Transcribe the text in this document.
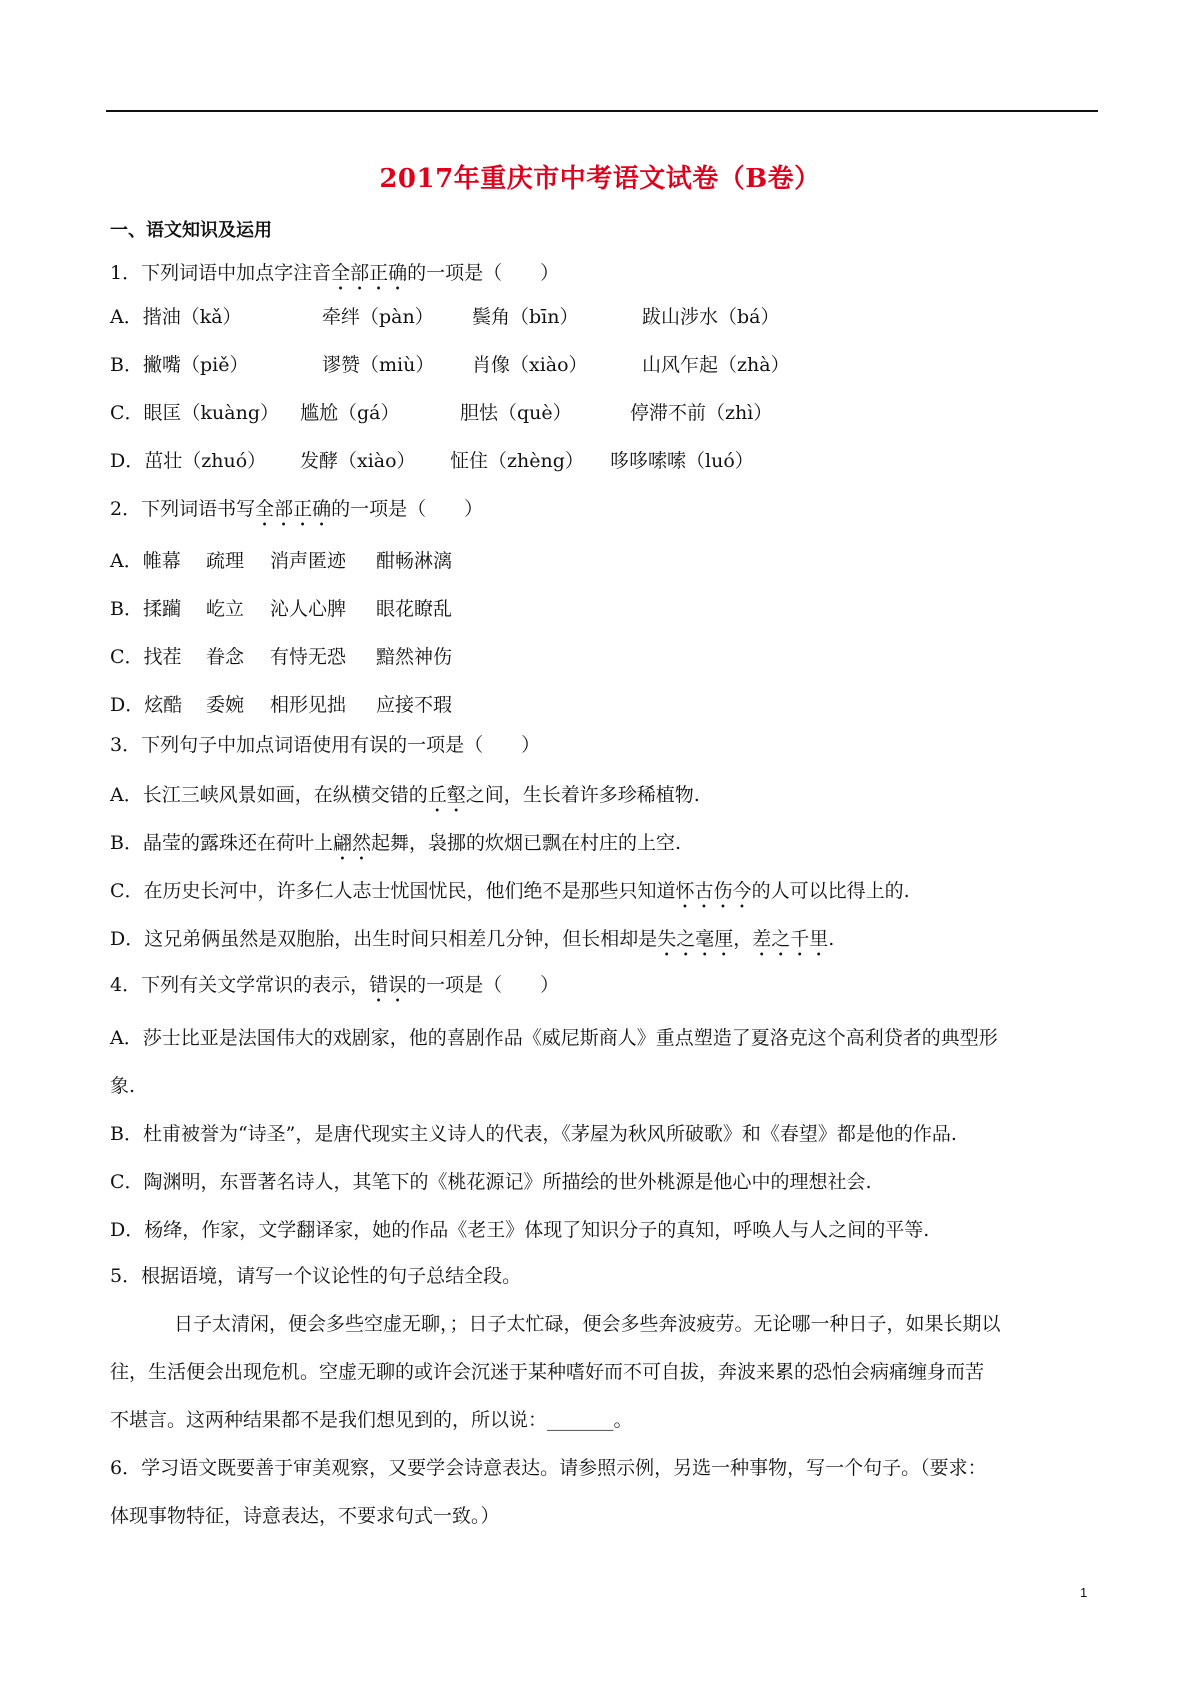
2017年重庆市中考语文试卷（B卷）
一、语文知识及运用
1．下列词语中加点字注音全部正确的一项是（　　）
A．揩油（kǎ）	牵绊（pàn） 鬓角（bīn）	跋山涉水（bá）
B．撇嘴（piě）	谬赞（miù） 肖像（xiào）	山风乍起（zhà）
C．眼匡（kuàng） 尴尬（gá）	胆怯（què）	停滞不前（zhì）
D．茁壮（zhuó） 发酵（xiào） 怔住（zhèng） 哆哆嗦嗦（luó）
2．下列词语书写全部正确的一项是（　　）
A．帷幕 疏理 消声匿迹 酣畅淋漓
B．揉躏 屹立 沁人心脾 眼花瞭乱
C．找茬 眷念 有恃无恐 黯然神伤
D．炫酷 委婉 相形见拙 应接不瑕
3．下列句子中加点词语使用有误的一项是（　　）
A．长江三峡风景如画，在纵横交错的丘壑之间，生长着许多珍稀植物.
B．晶莹的露珠还在荷叶上翩然起舞，袅挪的炊烟已飘在村庄的上空.
C．在历史长河中，许多仁人志士忧国忧民，他们绝不是那些只知道怀古伤今的人可以比得上的.
D．这兄弟俩虽然是双胞胎，出生时间只相差几分钟，但长相却是失之毫厘，差之千里.
4．下列有关文学常识的表示，错误的一项是（　　）
A．莎士比亚是法国伟大的戏剧家，他的喜剧作品《威尼斯商人》重点塑造了夏洛克这个高利贷者的典型形
象.
B．杜甫被誉为“诗圣”，是唐代现实主义诗人的代表，《茅屋为秋风所破歌》和《春望》都是他的作品.
C．陶渊明，东晋著名诗人，其笔下的《桃花源记》所描绘的世外桃源是他心中的理想社会.
D．杨绛，作家，文学翻译家，她的作品《老王》体现了知识分子的真知，呼唤人与人之间的平等.
5．根据语境，请写一个议论性的句子总结全段。
日子太清闲，便会多些空虚无聊，；日子太忙碌，便会多些奔波疲劳。无论哪一种日子，如果长期以
往，生活便会出现危机。空虚无聊的或许会沉迷于某种嗜好而不可自拔，奔波来累的恐怕会病痛缠身而苦
不堪言。这两种结果都不是我们想见到的，所以说：_______。
6．学习语文既要善于审美观察，又要学会诗意表达。请参照示例，另选一种事物，写一个句子。（要求：
体现事物特征，诗意表达，不要求句式一致。）
1
